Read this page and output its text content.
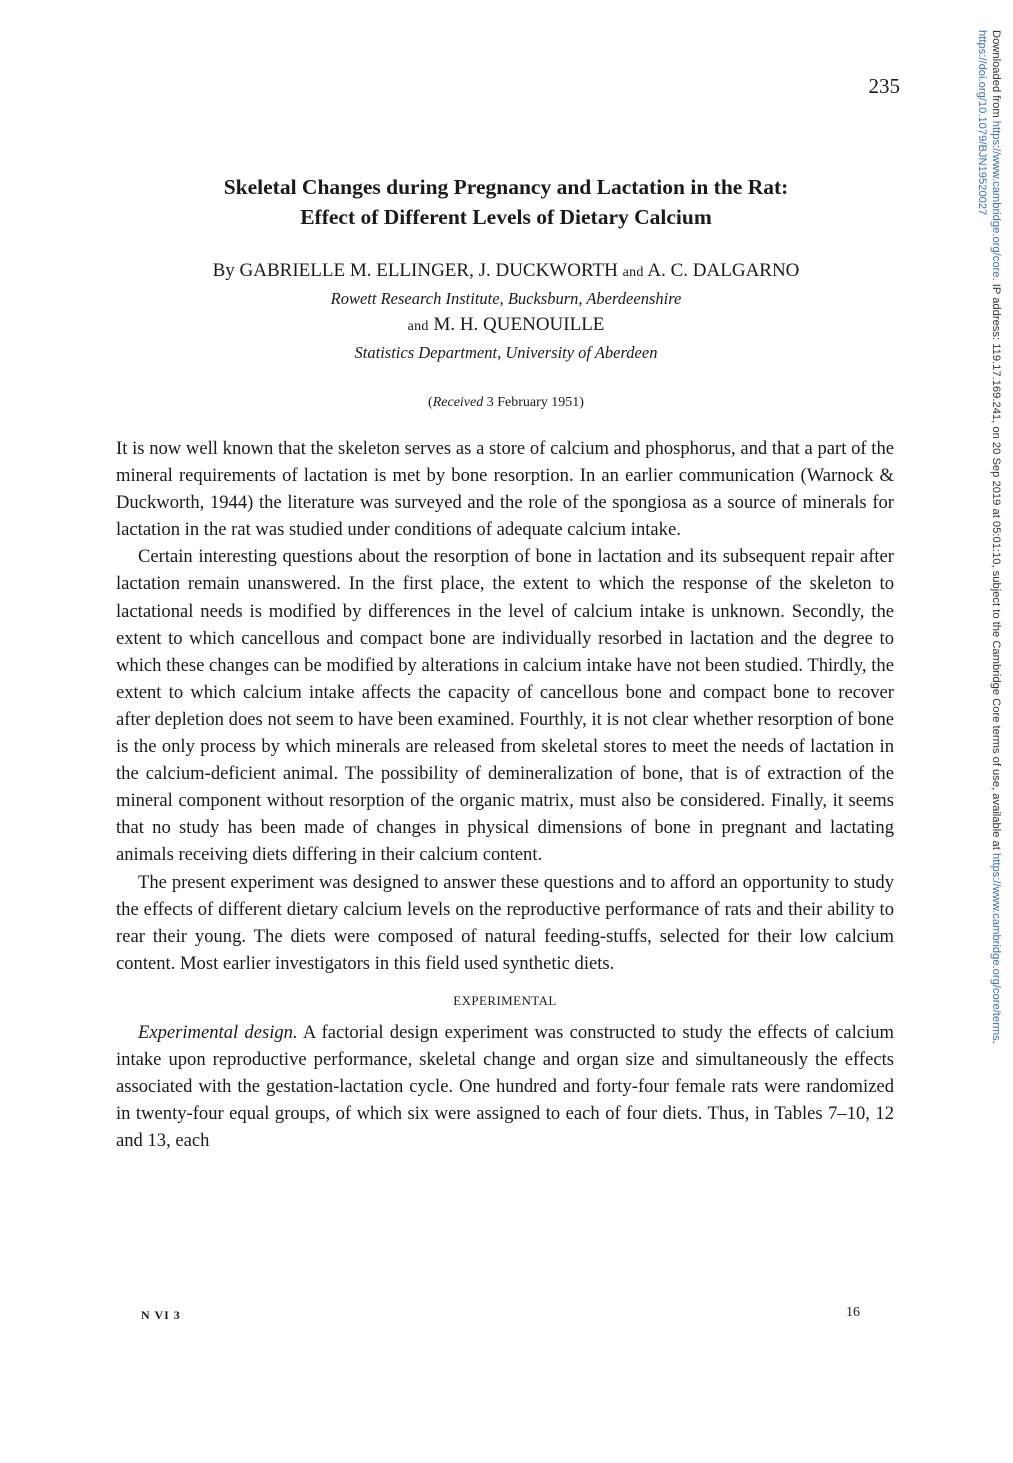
235

Skeletal Changes during Pregnancy and Lactation in the Rat:

Effect of Different Levels of Dietary Calcium

By GABRIELLE M. ELLINGER, J. DUCKWORTH and A. C. DALGARNO
Rowett Research Institute, Bucksburn, Aberdeenshire
and M. H. QUENOUILLE
Statistics Department, University of Aberdeen
(Received 3 February 1951)

It is now well known that the skeleton serves as a store of calcium and phosphorus, and that a part of the mineral requirements of lactation is met by bone resorption. In an earlier communication (Warnock & Duckworth, 1944) the literature was surveyed and the role of the spongiosa as a source of minerals for lactation in the rat was studied under conditions of adequate calcium intake.

Certain interesting questions about the resorption of bone in lactation and its subsequent repair after lactation remain unanswered. In the first place, the extent to which the response of the skeleton to lactational needs is modified by differences in the level of calcium intake is unknown. Secondly, the extent to which cancellous and compact bone are individually resorbed in lactation and the degree to which these changes can be modified by alterations in calcium intake have not been studied. Thirdly, the extent to which calcium intake affects the capacity of cancellous bone and compact bone to recover after depletion does not seem to have been examined. Fourthly, it is not clear whether resorption of bone is the only process by which minerals are released from skeletal stores to meet the needs of lactation in the calcium-deficient animal. The possibility of demineralization of bone, that is of extraction of the mineral component without resorption of the organic matrix, must also be considered. Finally, it seems that no study has been made of changes in physical dimensions of bone in pregnant and lactating animals receiving diets differing in their calcium content.

The present experiment was designed to answer these questions and to afford an opportunity to study the effects of different dietary calcium levels on the reproductive performance of rats and their ability to rear their young. The diets were composed of natural feeding-stuffs, selected for their low calcium content. Most earlier investigators in this field used synthetic diets.

EXPERIMENTAL

Experimental design. A factorial design experiment was constructed to study the effects of calcium intake upon reproductive performance, skeletal change and organ size and simultaneously the effects associated with the gestation-lactation cycle. One hundred and forty-four female rats were randomized in twenty-four equal groups, of which six were assigned to each of four diets. Thus, in Tables 7–10, 12 and 13, each

N VI 3	16
Downloaded from https://www.cambridge.org/core. IP address: 119.17.169.241, on 20 Sep 2019 at 05:01:10, subject to the Cambridge Core terms of use, available at https://www.cambridge.org/core/terms.
https://doi.org/10.1079/BJN19520027
